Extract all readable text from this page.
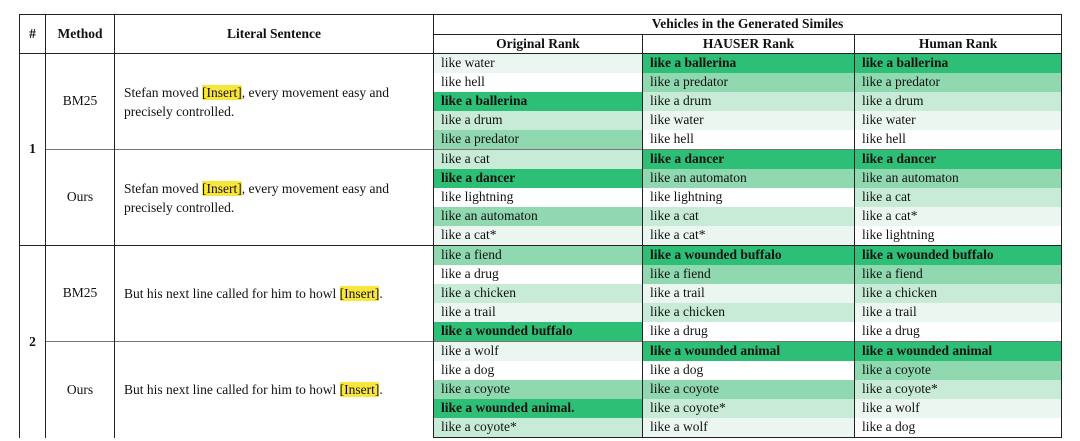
#	Method	Literal Sentence	Vehicles in the Generated Similes		
			Original Rank	HAUSER Rank	Human Rank
1	BM25	Stefan moved [Insert], every movement easy and precisely controlled.	like water	like a ballerina	like a ballerina
			like hell	like a predator	like a predator
			like a ballerina	like a drum	like a drum
			like a drum	like water	like water
			like a predator	like hell	like hell
	Ours	Stefan moved [Insert], every movement easy and precisely controlled.	like a cat	like a dancer	like a dancer
			like a dancer	like an automaton	like an automaton
			like lightning	like lightning	like a cat
			like an automaton	like a cat	like a cat*
			like a cat*	like a cat*	like lightning
2	BM25	But his next line called for him to howl [Insert].	like a fiend	like a wounded buffalo	like a wounded buffalo
			like a drug	like a fiend	like a fiend
			like a chicken	like a trail	like a chicken
			like a trail	like a chicken	like a trail
			like a wounded buffalo	like a drug	like a drug
	Ours	But his next line called for him to howl [Insert].	like a wolf	like a wounded animal	like a wounded animal
			like a dog	like a dog	like a coyote
			like a coyote	like a coyote	like a coyote*
			like a wounded animal.	like a coyote*	like a wolf
			like a coyote*	like a wolf	like a dog
